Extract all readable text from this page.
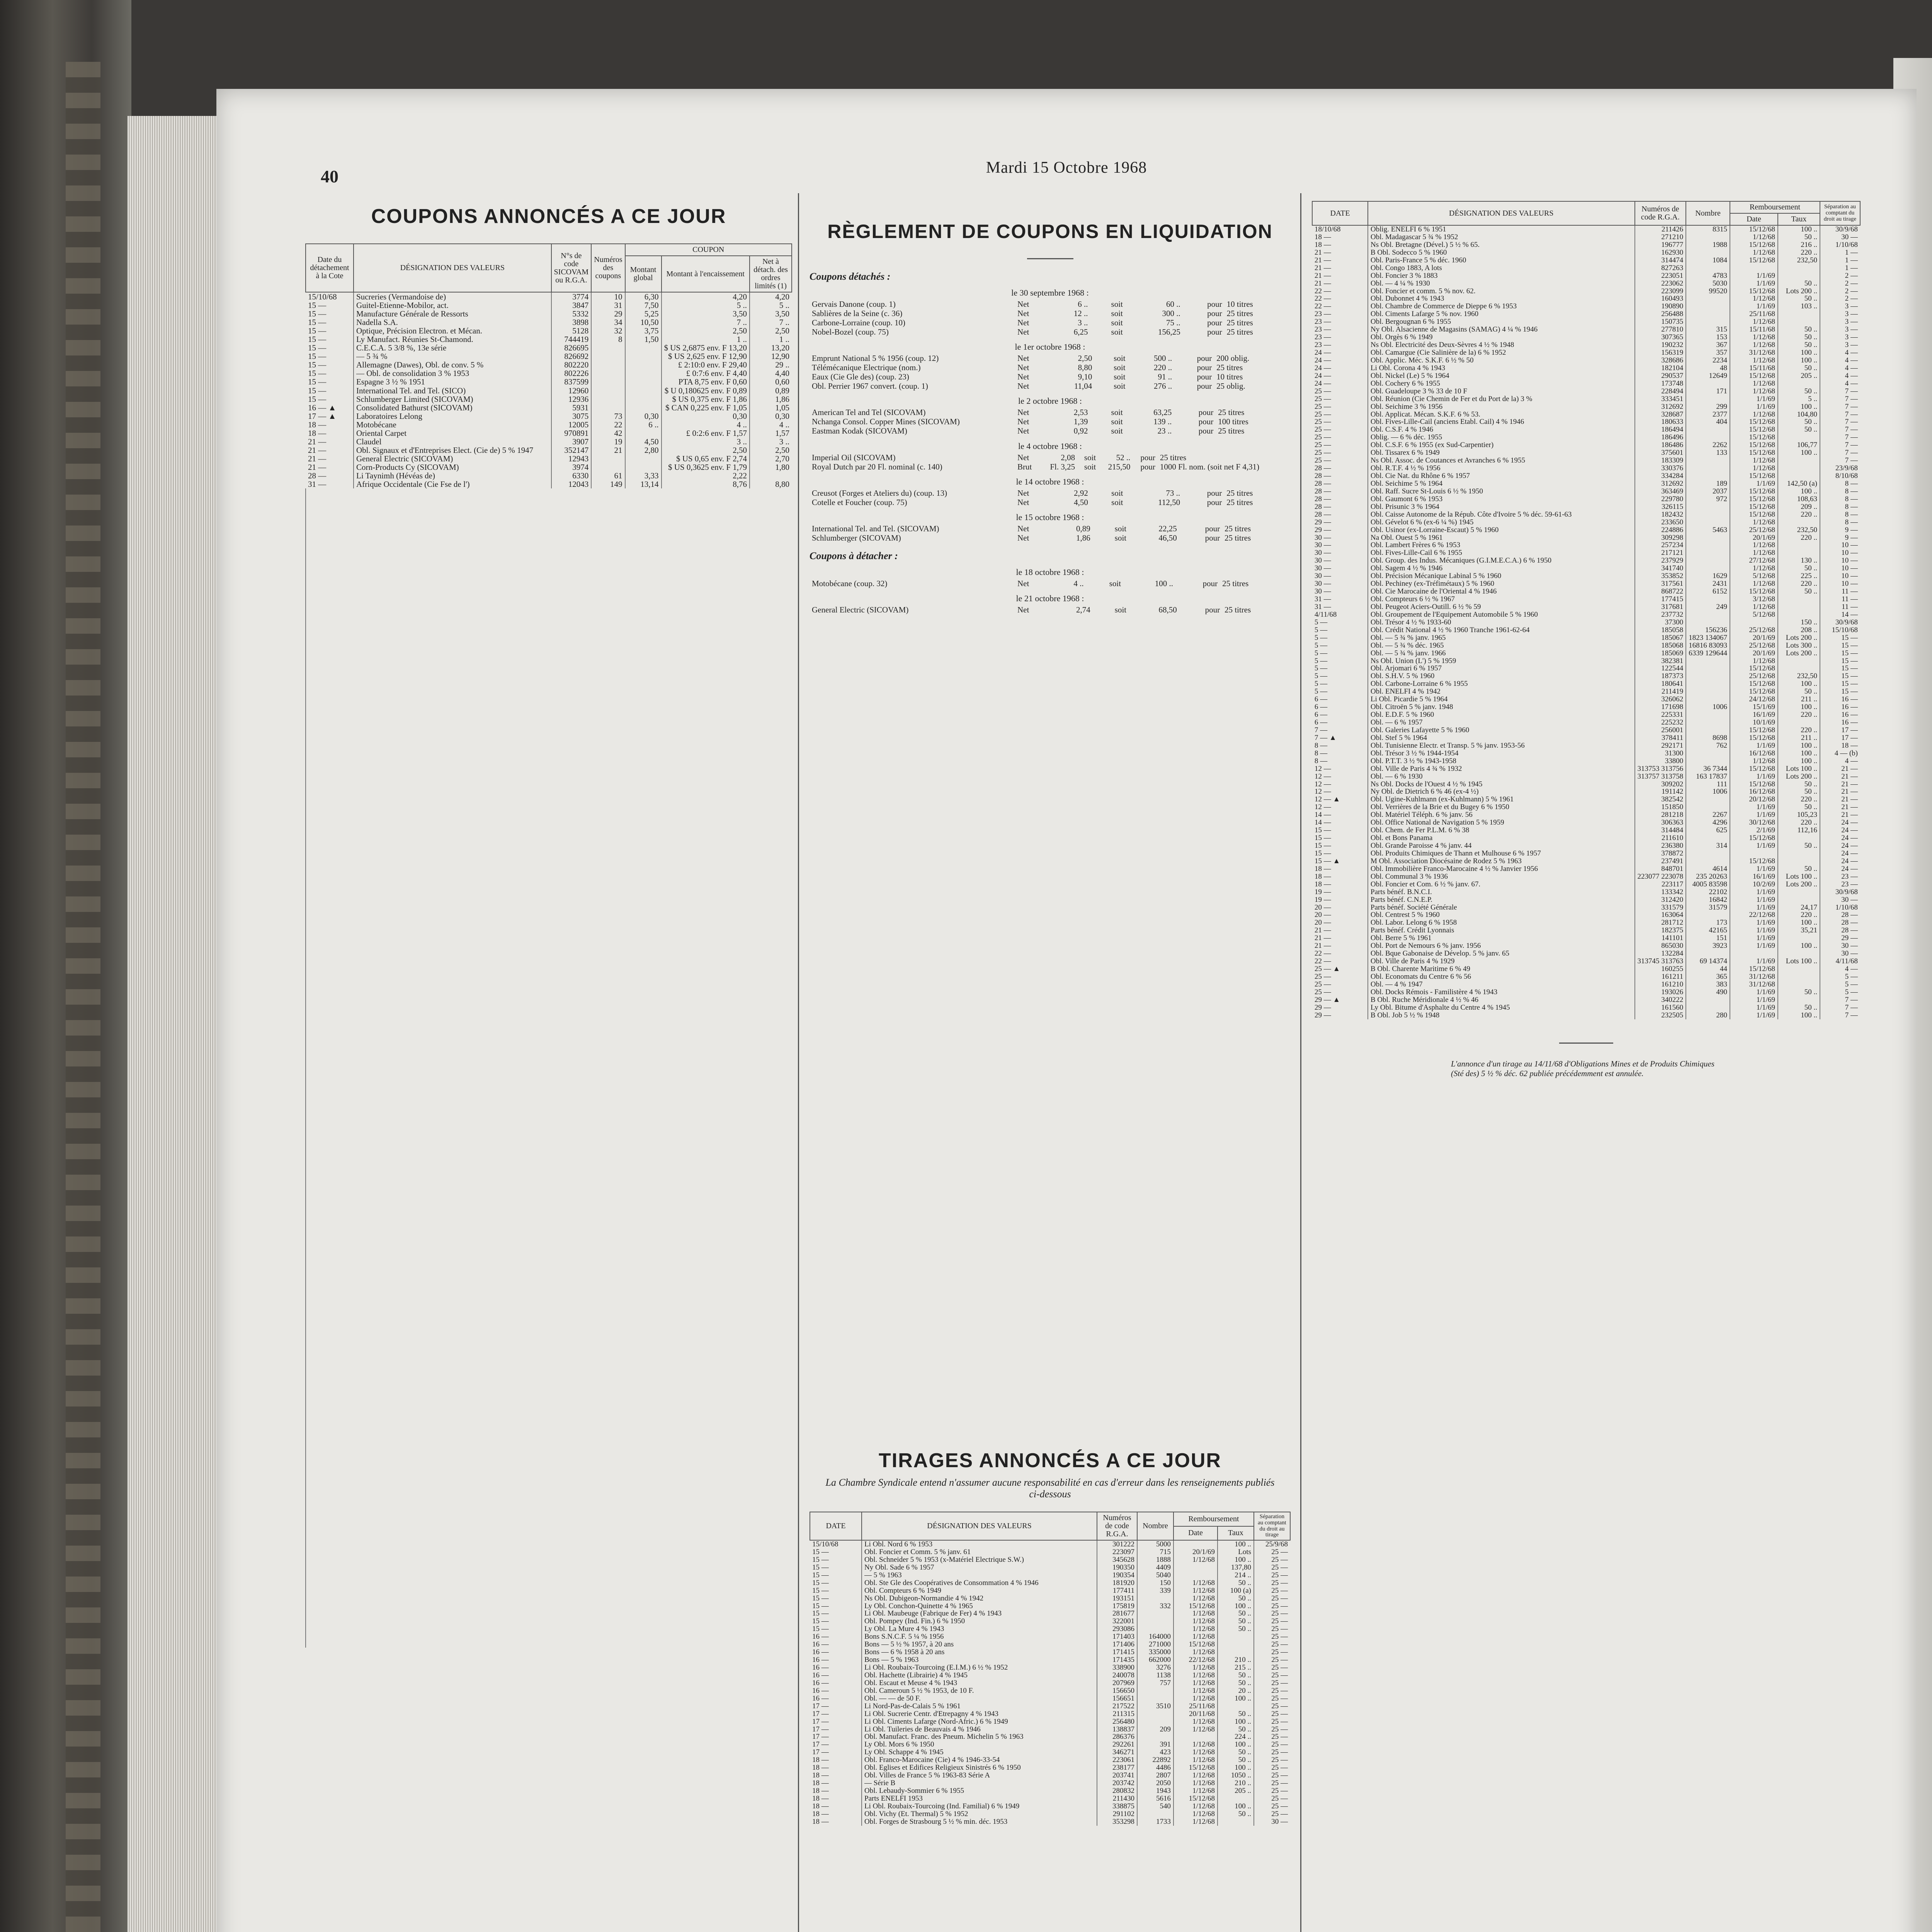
40	Mardi 15 Octobre 1968
COUPONS ANNONCÉS A CE JOUR
Date du détachement à la Cote	DÉSIGNATION DES VALEURS	N°s de code SICOVAM ou R.G.A.	Numéros des coupons	COUPON		
				Montant global	Montant à l'encaissement	Net à détach. des ordres limités (1)
15/10/68	Sucreries (Vermandoise de)	3774	10	6,30	4,20	4,20
15 —	Guitel-Etienne-Mobilor, act.	3847	31	7,50	5 ..	5 ..
15 —	Manufacture Générale de Ressorts	5332	29	5,25	3,50	3,50
15 —	Nadella S.A.	3898	34	10,50	7 ..	7 ..
15 —	Optique, Précision Electron. et Mécan.	5128	32	3,75	2,50	2,50
15 —	Ly Manufact. Réunies St-Chamond.	744419	8	1,50	1 ..	1 ..
15 —	C.E.C.A. 5 3/8 %, 13e série	826695			$ US 2,6875 env. F 13,20	13,20
15 —	— 5 ¾ %	826692			$ US 2,625 env. F 12,90	12,90
15 —	Allemagne (Dawes), Obl. de conv. 5 %	802220			£ 2:10:0 env. F 29,40	29 ..
15 —	— Obl. de consolidation 3 % 1953	802226			£ 0:7:6 env. F 4,40	4,40
15 —	Espagne 3 ½ % 1951	837599			PTA 8,75 env. F 0,60	0,60
15 —	International Tel. and Tel. (SICO)	12960			$ U 0,180625 env. F 0,89	0,89
15 —	Schlumberger Limited (SICOVAM)	12936			$ US 0,375 env. F 1,86	1,86
16 — ▲	Consolidated Bathurst (SICOVAM)	5931			$ CAN 0,225 env. F 1,05	1,05
17 — ▲	Laboratoires Lelong	3075	73	0,30	0,30	0,30
18 —	Motobécane	12005	22	6 ..	4 ..	4 ..
18 —	Oriental Carpet	970891	42		£ 0:2:6 env. F 1,57	1,57
21 —	Claudel	3907	19	4,50	3 ..	3 ..
21 —	Obl. Signaux et d'Entreprises Elect. (Cie de) 5 % 1947	352147	21	2,80	2,50	2,50
21 —	General Electric (SICOVAM)	12943			$ US 0,65 env. F 2,74	2,70
21 —	Corn-Products Cy (SICOVAM)	3974			$ US 0,3625 env. F 1,79	1,80
28 —	Li Taynimh (Hévéas de)	6330	61	3,33	2,22	
31 —	Afrique Occidentale (Cie Fse de l')	12043	149	13,14	8,76	8,80
RÈGLEMENT DE COUPONS EN LIQUIDATION
Coupons détachés :
le 30 septembre 1968 :
Gervais Danone (coup. 1)	Net	6 ..	soit	60 ..	pour	10 titres
Sablières de la Seine (c. 36)	Net	12 ..	soit	300 ..	pour	25 titres
Carbone-Lorraine (coup. 10)	Net	3 ..	soit	75 ..	pour	25 titres
Nobel-Bozel (coup. 75)	Net	6,25	soit	156,25	pour	25 titres
le 1er octobre 1968 :
Emprunt National 5 % 1956 (coup. 12)	Net	2,50	soit	500 ..	pour	200 oblig.
Télémécanique Electrique (nom.)	Net	8,80	soit	220 ..	pour	25 titres
Eaux (Cie Gle des) (coup. 23)	Net	9,10	soit	91 ..	pour	10 titres
Obl. Perrier 1967 convert. (coup. 1)	Net	11,04	soit	276 ..	pour	25 oblig.
le 2 octobre 1968 :
American Tel and Tel (SICOVAM)	Net	2,53	soit	63,25	pour	25 titres
Nchanga Consol. Copper Mines (SICOVAM)	Net	1,39	soit	139 ..	pour	100 titres
Eastman Kodak (SICOVAM)	Net	0,92	soit	23 ..	pour	25 titres
le 4 octobre 1968 :
Imperial Oil (SICOVAM)	Net	2,08	soit	52 ..	pour	25 titres
Royal Dutch par 20 Fl. nominal (c. 140)	Brut	Fl. 3,25	soit	215,50	pour	1000 Fl. nom. (soit net F 4,31)
le 14 octobre 1968 :
Creusot (Forges et Ateliers du) (coup. 13)	Net	2,92	soit	73 ..	pour	25 titres
Cotelle et Foucher (coup. 75)	Net	4,50	soit	112,50	pour	25 titres
le 15 octobre 1968 :
International Tel. and Tel. (SICOVAM)	Net	0,89	soit	22,25	pour	25 titres
Schlumberger (SICOVAM)	Net	1,86	soit	46,50	pour	25 titres
Coupons à détacher :
le 18 octobre 1968 :
Motobécane (coup. 32)	Net	4 ..	soit	100 ..	pour	25 titres
le 21 octobre 1968 :
General Electric (SICOVAM)	Net	2,74	soit	68,50	pour	25 titres
TIRAGES ANNONCÉS A CE JOUR
La Chambre Syndicale entend n'assumer aucune responsabilité en cas d'erreur dans les renseignements publiés ci-dessous
DATE	DÉSIGNATION DES VALEURS	Numéros de code R.G.A.	Nombre	Remboursement		Séparation au comptant du droit au tirage
				Date	Taux	
15/10/68	Li Obl. Nord 6 % 1953	301222	5000		100 ..	25/9/68
15 —	Obl. Foncier et Comm. 5 % janv. 61	223097	715	20/1/69	Lots	25 —
15 —	Obl. Schneider 5 % 1953 (x-Matériel Electrique S.W.)	345628	1888	1/12/68	100 ..	25 —
15 —	Ny Obl. Sade 6 % 1957	190350	4409		137,80	25 —
15 —	— 5 % 1963	190354	5040		214 ..	25 —
15 —	Obl. Ste Gle des Coopératives de Consommation 4 % 1946	181920	150	1/12/68	50 ..	25 —
15 —	Obl. Compteurs 6 % 1949	177411	339	1/12/68	100 (a)	25 —
15 —	Ns Obl. Dubigeon-Normandie 4 % 1942	193151		1/12/68	50 ..	25 —
15 —	Ly Obl. Conchon-Quinette 4 % 1965	175819	332	15/12/68	100 ..	25 —
15 —	Li Obl. Maubeuge (Fabrique de Fer) 4 % 1943	281677		1/12/68	50 ..	25 —
15 —	Obl. Pompey (Ind. Fin.) 6 % 1950	322001		1/12/68	50 ..	25 —
15 —	Ly Obl. La Mure 4 % 1943	293086		1/12/68	50 ..	25 —
16 —	Bons S.N.C.F. 5 ¼ % 1956	171403	164000	1/12/68		25 —
16 —	Bons — 5 ½ % 1957, à 20 ans	171406	271000	15/12/68		25 —
16 —	Bons — 6 % 1958 à 20 ans	171415	335000	1/12/68		25 —
16 —	Bons — 5 % 1963	171435	662000	22/12/68	210 ..	25 —
16 —	Li Obl. Roubaix-Tourcoing (E.I.M.) 6 ½ % 1952	338900	3276	1/12/68	215 ..	25 —
16 —	Obl. Hachette (Librairie) 4 % 1945	240078	1138	1/12/68	50 ..	25 —
16 —	Obl. Escaut et Meuse 4 % 1943	207969	757	1/12/68	50 ..	25 —
16 —	Obl. Cameroun 5 ½ % 1953, de 10 F.	156650		1/12/68	20 ..	25 —
16 —	Obl. — — de 50 F.	156651		1/12/68	100 ..	25 —
17 —	Li Nord-Pas-de-Calais 5 % 1961	217522	3510	25/11/68		25 —
17 —	Li Obl. Sucrerie Centr. d'Etrepagny 4 % 1943	211315		20/11/68	50 ..	25 —
17 —	Li Obl. Ciments Lafarge (Nord-Afric.) 6 % 1949	256480		1/12/68	100 ..	25 —
17 —	Li Obl. Tuileries de Beauvais 4 % 1946	138837	209	1/12/68	50 ..	25 —
17 —	Obl. Manufact. Franc. des Pneum. Michelin 5 % 1963	286376			224 ..	25 —
17 —	Ly Obl. Mors 6 % 1950	292261	391	1/12/68	100 ..	25 —
17 —	Ly Obl. Schappe 4 % 1945	346271	423	1/12/68	50 ..	25 —
18 —	Obl. Franco-Marocaine (Cie) 4 % 1946-33-54	223061	22892	1/12/68	50 ..	25 —
18 —	Obl. Eglises et Edifices Religieux Sinistrés 6 % 1950	238177	4486	15/12/68	100 ..	25 —
18 —	Obl. Villes de France 5 % 1963-83 Série A	203741	2807	1/12/68	1050 ..	25 —
18 —	— Série B	203742	2050	1/12/68	210 ..	25 —
18 —	Obl. Lebaudy-Sommier 6 % 1955	280832	1943	1/12/68	205 ..	25 —
18 —	Parts ENELFI 1953	211430	5616	15/12/68		25 —
18 —	Li Obl. Roubaix-Tourcoing (Ind. Familial) 6 % 1949	338875	540	1/12/68	100 ..	25 —
18 —	Obl. Vichy (Et. Thermal) 5 % 1952	291102		1/12/68	50 ..	25 —
18 —	Obl. Forges de Strasbourg 5 ½ % min. déc. 1953	353298	1733	1/12/68		30 —
DATE	DÉSIGNATION DES VALEURS	Numéros de code R.G.A.	Nombre	Remboursement		Séparation au comptant du droit au tirage
				Date	Taux	
18/10/68	Oblig. ENELFI 6 % 1951	211426	8315	15/12/68	100 ..	30/9/68
18 —	Obl. Madagascar 5 ¾ % 1952	271210		1/12/68	50 ..	30 —
18 —	Ns Obl. Bretagne (Dével.) 5 ½ % 65.	196777	1988	15/12/68	216 ..	1/10/68
21 —	B Obl. Sodecco 5 % 1960	162930		1/12/68	220 ..	1 —
21 —	Obl. Paris-France 5 % déc. 1960	314474	1084	15/12/68	232,50	1 —
21 —	Obl. Congo 1883, A lots	827263				1 —
21 —	Obl. Foncier 3 % 1883	223051	4783	1/1/69		2 —
21 —	Obl. — 4 ¼ % 1930	223062	5030	1/1/69	50 ..	2 —
22 —	Obl. Foncier et comm. 5 % nov. 62.	223099	99520	15/12/68	Lots 200 ..	2 —
22 —	Obl. Dubonnet 4 % 1943	160493		1/12/68	50 ..	2 —
22 —	Obl. Chambre de Commerce de Dieppe 6 % 1953	190890		1/1/69	103 ..	3 —
23 —	Obl. Ciments Lafarge 5 % nov. 1960	256488		25/11/68		3 —
23 —	Obl. Bergougnan 6 % 1955	150735		1/12/68		3 —
23 —	Ny Obl. Alsacienne de Magasins (SAMAG) 4 ¼ % 1946	277810	315	15/11/68	50 ..	3 —
23 —	Obl. Orgès 6 % 1949	307365	153	1/12/68	50 ..	3 —
23 —	Ns Obl. Electricité des Deux-Sèvres 4 ½ % 1948	190232	367	1/12/68	50 ..	3 —
24 —	Obl. Camargue (Cie Salinière de la) 6 % 1952	156319	357	31/12/68	100 ..	4 —
24 —	Obl. Applic. Méc. S.K.F. 6 ½ % 50	328686	2234	1/12/68	100 ..	4 —
24 —	Li Obl. Corona 4 % 1943	182104	48	15/11/68	50 ..	4 —
24 —	Obl. Nickel (Le) 5 % 1964	290537	12649	15/12/68	205 ..	4 —
24 —	Obl. Cochery 6 % 1955	173748		1/12/68		4 —
25 —	Obl. Guadeloupe 3 % 33 de 10 F	228494	171	1/12/68	50 ..	7 —
25 —	Obl. Réunion (Cie Chemin de Fer et du Port de la) 3 %	333451		1/1/69	5 ..	7 —
25 —	Obl. Seichime 3 % 1956	312692	299	1/1/69	100 ..	7 —
25 —	Obl. Applicat. Mécan. S.K.F. 6 % 53.	328687	2377	1/12/68	104,80	7 —
25 —	Obl. Fives-Lille-Cail (anciens Etabl. Cail) 4 % 1946	180633	404	15/12/68	50 ..	7 —
25 —	Obl. C.S.F. 4 % 1946	186494		15/12/68	50 ..	7 —
25 —	Oblig. — 6 % déc. 1955	186496		15/12/68		7 —
25 —	Obl. C.S.F. 6 % 1955 (ex Sud-Carpentier)	186486	2262	15/12/68	106,77	7 —
25 —	Obl. Tissarex 6 % 1949	375601	133	15/12/68	100 ..	7 —
25 —	Ns Obl. Assoc. de Coutances et Avranches 6 % 1955	183309		1/12/68		7 —
28 —	Obl. R.T.F. 4 ½ % 1956	330376		1/12/68		23/9/68
28 —	Obl. Cie Nat. du Rhône 6 % 1957	334284		15/12/68		8/10/68
28 —	Obl. Seichime 5 % 1964	312692	189	1/1/69	142,50 (a)	8 —
28 —	Obl. Raff. Sucre St-Louis 6 ½ % 1950	363469	2037	15/12/68	100 ..	8 —
28 —	Obl. Gaumont 6 % 1953	229780	972	15/12/68	108,63	8 —
28 —	Obl. Prisunic 3 % 1964	326115		15/12/68	209 ..	8 —
28 —	Obl. Caisse Autonome de la Répub. Côte d'Ivoire 5 % déc. 59-61-63	182432		15/12/68	220 ..	8 —
29 —	Obl. Gévelot 6 % (ex-6 ¼ %) 1945	233650		1/12/68		8 —
29 —	Obl. Usinor (ex-Lorraine-Escaut) 5 % 1960	224886	5463	25/12/68	232,50	9 —
30 —	Na Obl. Ouest 5 % 1961	309298		20/1/69	220 ..	9 —
30 —	Obl. Lambert Frères 6 % 1953	257234		1/12/68		10 —
30 —	Obl. Fives-Lille-Cail 6 % 1955	217121		1/12/68		10 —
30 —	Obl. Group. des Indus. Mécaniques (G.I.M.E.C.A.) 6 % 1950	237929		27/12/68	130 ..	10 —
30 —	Obl. Sagem 4 ½ % 1946	341740		1/12/68	50 ..	10 —
30 —	Obl. Précision Mécanique Labinal 5 % 1960	353852	1629	5/12/68	225 ..	10 —
30 —	Obl. Pechiney (ex-Tréfimétaux) 5 % 1960	317561	2431	1/12/68	220 ..	10 —
30 —	Obl. Cie Marocaine de l'Oriental 4 % 1946	868722	6152	15/12/68	50 ..	11 —
31 —	Obl. Compteurs 6 ½ % 1967	177415		3/12/68		11 —
31 —	Obl. Peugeot Aciers-Outill. 6 ½ % 59	317681	249	1/12/68		11 —
4/11/68	Obl. Groupement de l'Equipement Automobile 5 % 1960	237732		5/12/68		14 —
5 —	Obl. Trésor 4 ½ % 1933-60	37300			150 ..	30/9/68
5 —	Obl. Crédit National 4 ½ % 1960 Tranche 1961-62-64	185058	156236	25/12/68	208 ..	15/10/68
5 —	Obl. — 5 ¾ % janv. 1965	185067	1823 134067	20/1/69	Lots 200 ..	15 —
5 —	Obl. — 5 ¾ % déc. 1965	185068	16816 83093	25/12/68	Lots 300 ..	15 —
5 —	Obl. — 5 ¾ % janv. 1966	185069	6339 129644	20/1/69	Lots 200 ..	15 —
5 —	Ns Obl. Union (L') 5 % 1959	382381		1/12/68		15 —
5 —	Obl. Arjomari 6 % 1957	122544		15/12/68		15 —
5 —	Obl. S.H.V. 5 % 1960	187373		25/12/68	232,50	15 —
5 —	Obl. Carbone-Lorraine 6 % 1955	180641		15/12/68	100 ..	15 —
5 —	Obl. ENELFI 4 % 1942	211419		15/12/68	50 ..	15 —
6 —	Li Obl. Picardie 5 % 1964	326062		24/12/68	211 ..	16 —
6 —	Obl. Citroën 5 % janv. 1948	171698	1006	15/1/69	100 ..	16 —
6 —	Obl. E.D.F. 5 % 1960	225331		16/1/69	220 ..	16 —
6 —	Obl. — 6 % 1957	225232		10/1/69		16 —
7 —	Obl. Galeries Lafayette 5 % 1960	256001		15/12/68	220 ..	17 —
7 — ▲	Obl. Stef 5 % 1964	378411	8698	15/12/68	211 ..	17 —
8 —	Obl. Tunisienne Electr. et Transp. 5 % janv. 1953-56	292171	762	1/1/69	100 ..	18 —
8 —	Obl. Trésor 3 ½ % 1944-1954	31300		16/12/68	100 ..	4 — (b)
8 —	Obl. P.T.T. 3 ½ % 1943-1958	33800		1/12/68	100 ..	4 —
12 —	Obl. Ville de Paris 4 ¾ % 1932	313753 313756	36 7344	15/12/68	Lots 100 ..	21 —
12 —	Obl. — 6 % 1930	313757 313758	163 17837	1/1/69	Lots 200 ..	21 —
12 —	Ns Obl. Docks de l'Ouest 4 ½ % 1945	309202	111	15/12/68	50 ..	21 —
12 —	Ny Obl. de Dietrich 6 % 46 (ex-4 ½)	191142	1006	16/12/68	50 ..	21 —
12 — ▲	Obl. Ugine-Kuhlmann (ex-Kuhlmann) 5 % 1961	382542		20/12/68	220 ..	21 —
12 —	Obl. Verrières de la Brie et du Bugey 6 % 1950	151850		1/1/69	50 ..	21 —
14 —	Obl. Matériel Téléph. 6 % janv. 56	281218	2267	1/1/69	105,23	21 —
14 —	Obl. Office National de Navigation 5 % 1959	306363	4296	30/12/68	220 ..	24 —
15 —	Obl. Chem. de Fer P.L.M. 6 % 38	314484	625	2/1/69	112,16	24 —
15 —	Obl. et Bons Panama	211610		15/12/68		24 —
15 —	Obl. Grande Paroisse 4 % janv. 44	236380	314	1/1/69	50 ..	24 —
15 —	Obl. Produits Chimiques de Thann et Mulhouse 6 % 1957	378872				24 —
15 — ▲	M Obl. Association Diocésaine de Rodez 5 % 1963	237491		15/12/68		24 —
18 —	Obl. Immobilière Franco-Marocaine 4 ½ % Janvier 1956	848701	4614	1/1/69	50 ..	24 —
18 —	Obl. Communal 3 % 1936	223077 223078	235 20263	16/1/69	Lots 100 ..	23 —
18 —	Obl. Foncier et Com. 6 ½ % janv. 67.	223117	4005 83598	10/2/69	Lots 200 ..	23 —
19 —	Parts bénéf. B.N.C.I.	133342	22102	1/1/69		30/9/68
19 —	Parts bénéf. C.N.E.P.	312420	16842	1/1/69		30 —
20 —	Parts bénéf. Société Générale	331579	31579	1/1/69	24,17	1/10/68
20 —	Obl. Centrest 5 % 1960	163064		22/12/68	220 ..	28 —
20 —	Obl. Labor. Lelong 6 % 1958	281712	173	1/1/69	100 ..	28 —
21 —	Parts bénéf. Crédit Lyonnais	182375	42165	1/1/69	35,21	28 —
21 —	Obl. Berre 5 % 1961	141101	151	1/1/69		29 —
21 —	Obl. Port de Nemours 6 % janv. 1956	865030	3923	1/1/69	100 ..	30 —
22 —	Obl. Bque Gabonaise de Dévelop. 5 % janv. 65	132284				30 —
22 —	Obl. Ville de Paris 4 % 1929	313745 313763	69 14374	1/1/69	Lots 100 ..	4/11/68
25 — ▲	B Obl. Charente Maritime 6 % 49	160255	44	15/12/68		4 —
25 —	Obl. Economats du Centre 6 % 56	161211	365	31/12/68		5 —
25 —	Obl. — 4 % 1947	161210	383	31/12/68		5 —
25 —	Obl. Docks Rémois - Familistère 4 % 1943	193026	490	1/1/69	50 ..	5 —
29 — ▲	B Obl. Ruche Méridionale 4 ½ % 46	340222		1/1/69		7 —
29 —	Ly Obl. Bitume d'Asphalte du Centre 4 % 1945	161560		1/1/69	50 ..	7 —
29 —	B Obl. Job 5 ½ % 1948	232505	280	1/1/69	100 ..	7 —
L'annonce d'un tirage au 14/11/68 d'Obligations Mines et de Produits Chimiques (Sté des) 5 ½ % déc. 62 publiée précédemment est annulée.
